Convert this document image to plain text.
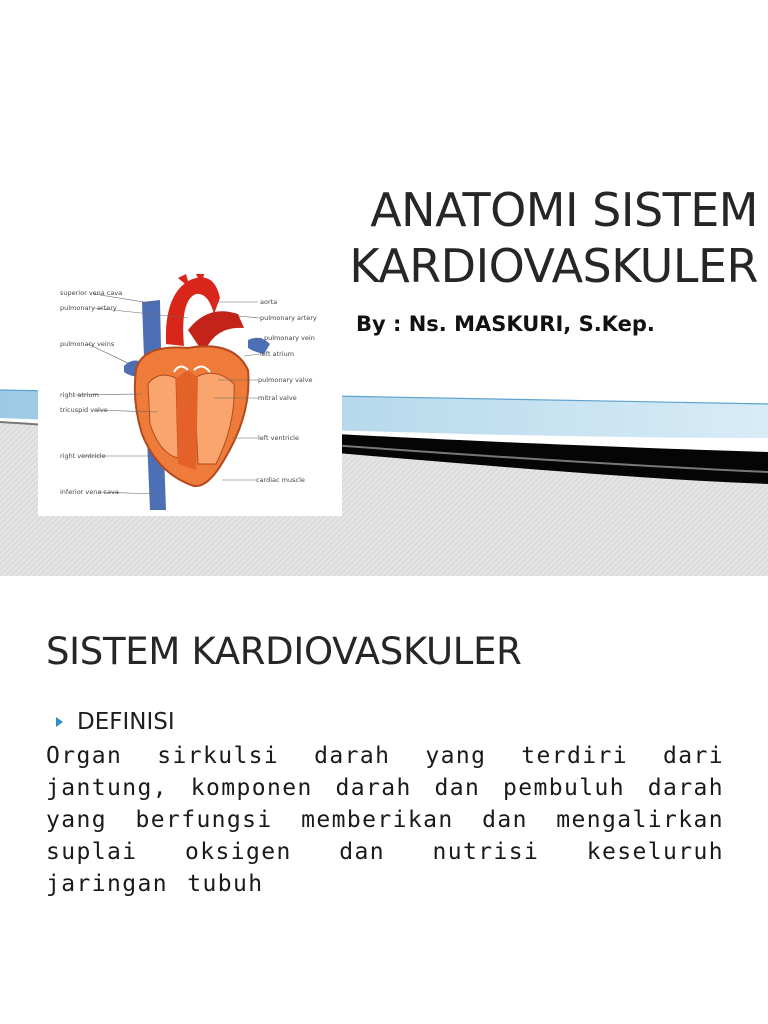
ANATOMI SISTEM
KARDIOVASKULER
superior vena cava
pulmonary artery
pulmonary veins
right atrium
tricuspid valve
right ventricle
inferior vena cava
aorta
pulmonary artery
pulmonary vein
left atrium
pulmonary valve
mitral valve
left ventricle
cardiac muscle
By : Ns. MASKURI, S.Kep.
SISTEM KARDIOVASKULER
DEFINISI
Organ sirkulsi darah yang terdiri dari jantung, komponen darah dan pembuluh darah yang berfungsi memberikan dan mengalirkan suplai oksigen dan nutrisi keseluruh jaringan tubuh
